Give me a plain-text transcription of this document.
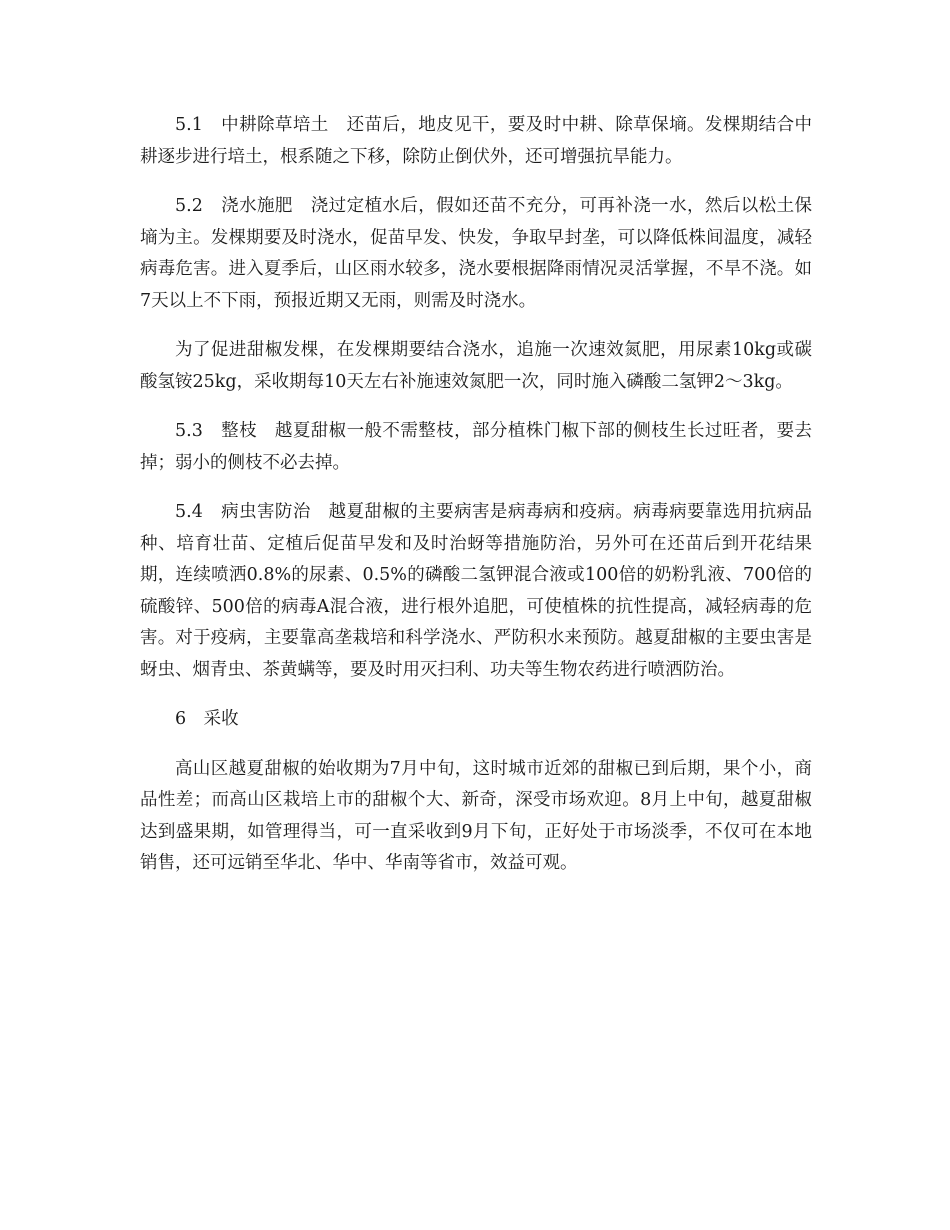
5.1　中耕除草培土　还苗后，地皮见干，要及时中耕、除草保墒。发棵期结合中耕逐步进行培土，根系随之下移，除防止倒伏外，还可增强抗旱能力。

5.2　浇水施肥　浇过定植水后，假如还苗不充分，可再补浇一水，然后以松土保墒为主。发棵期要及时浇水，促苗早发、快发，争取早封垄，可以降低株间温度，减轻病毒危害。进入夏季后，山区雨水较多，浇水要根据降雨情况灵活掌握，不旱不浇。如7天以上不下雨，预报近期又无雨，则需及时浇水。

为了促进甜椒发棵，在发棵期要结合浇水，追施一次速效氮肥，用尿素10kg或碳酸氢铵25kg，采收期每10天左右补施速效氮肥一次，同时施入磷酸二氢钾2～3kg。

5.3　整枝　越夏甜椒一般不需整枝，部分植株门椒下部的侧枝生长过旺者，要去掉；弱小的侧枝不必去掉。

5.4　病虫害防治　越夏甜椒的主要病害是病毒病和疫病。病毒病要靠选用抗病品种、培育壮苗、定植后促苗早发和及时治蚜等措施防治，另外可在还苗后到开花结果期，连续喷洒0.8%的尿素、0.5%的磷酸二氢钾混合液或100倍的奶粉乳液、700倍的硫酸锌、500倍的病毒A混合液，进行根外追肥，可使植株的抗性提高，减轻病毒的危害。对于疫病，主要靠高垄栽培和科学浇水、严防积水来预防。越夏甜椒的主要虫害是蚜虫、烟青虫、茶黄螨等，要及时用灭扫利、功夫等生物农药进行喷洒防治。

6　采收

高山区越夏甜椒的始收期为7月中旬，这时城市近郊的甜椒已到后期，果个小，商品性差；而高山区栽培上市的甜椒个大、新奇，深受市场欢迎。8月上中旬，越夏甜椒达到盛果期，如管理得当，可一直采收到9月下旬，正好处于市场淡季，不仅可在本地销售，还可远销至华北、华中、华南等省市，效益可观。
